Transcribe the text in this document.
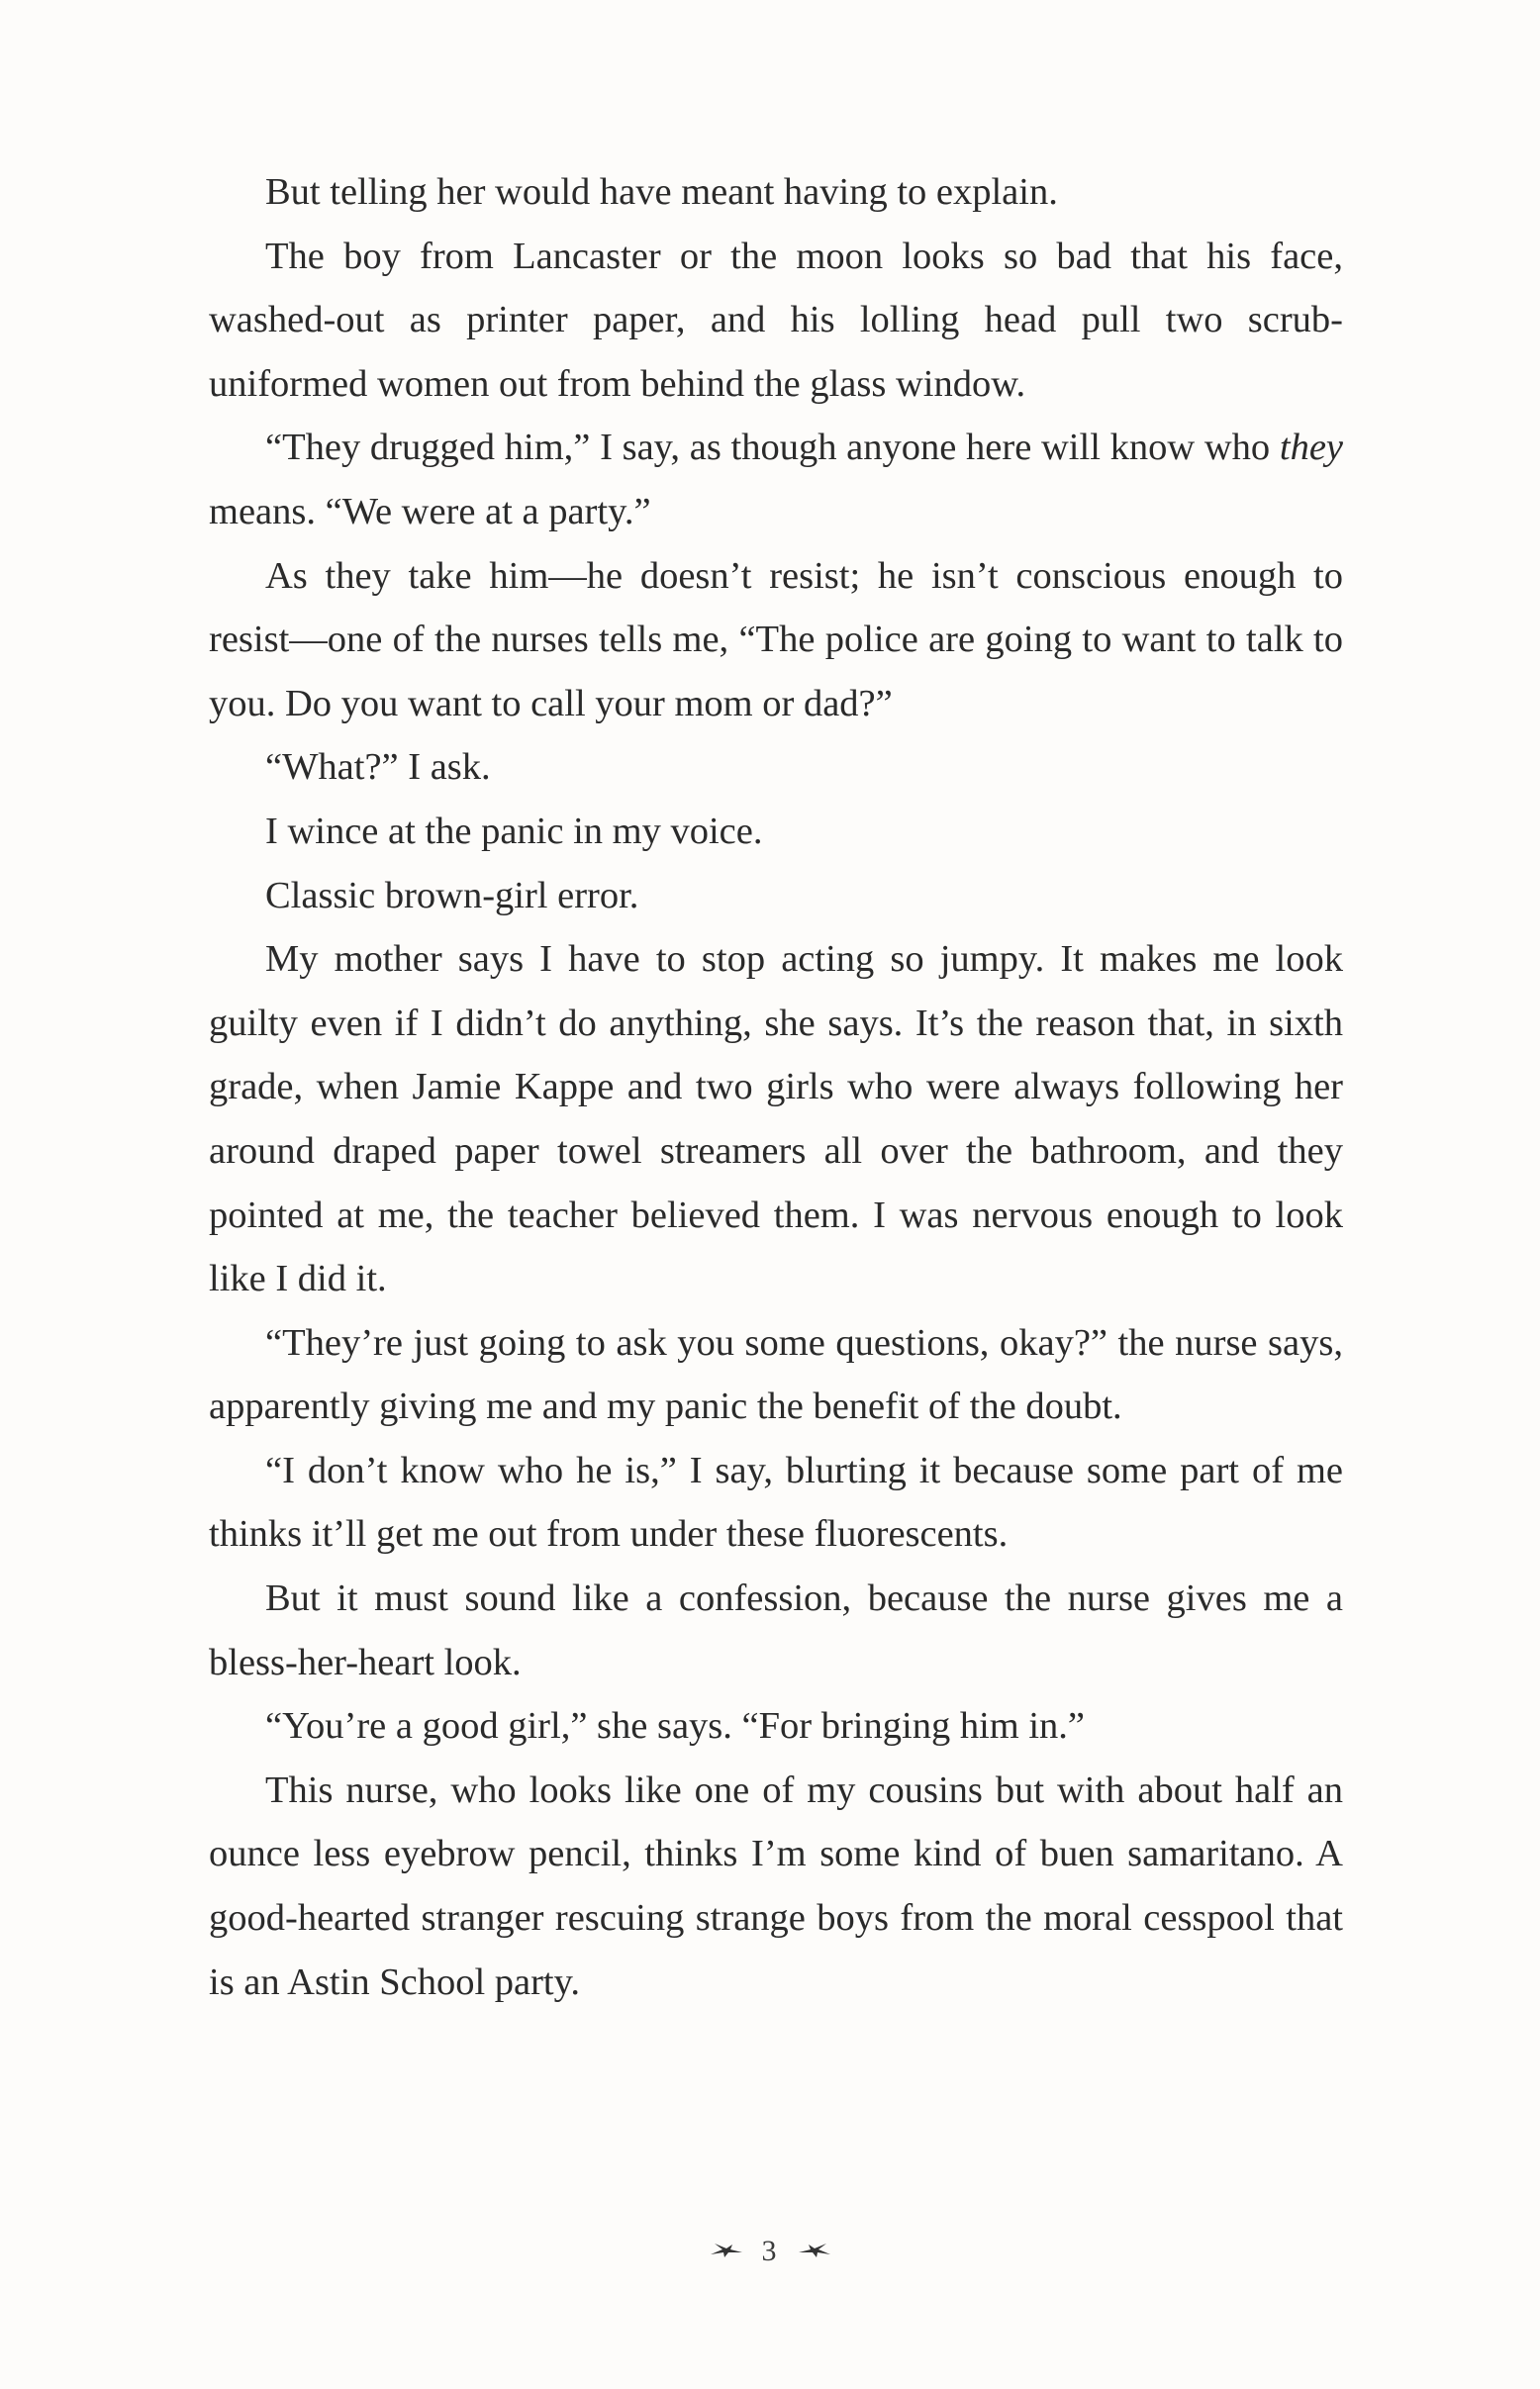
But telling her would have meant having to explain.

The boy from Lancaster or the moon looks so bad that his face, washed-out as printer paper, and his lolling head pull two scrub-uniformed women out from behind the glass window.

“They drugged him,” I say, as though anyone here will know who they means. “We were at a party.”

As they take him—he doesn’t resist; he isn’t conscious enough to resist—one of the nurses tells me, “The police are going to want to talk to you. Do you want to call your mom or dad?”

“What?” I ask.

I wince at the panic in my voice.

Classic brown-girl error.

My mother says I have to stop acting so jumpy. It makes me look guilty even if I didn’t do anything, she says. It’s the reason that, in sixth grade, when Jamie Kappe and two girls who were always following her around draped paper towel streamers all over the bathroom, and they pointed at me, the teacher believed them. I was nervous enough to look like I did it.

“They’re just going to ask you some questions, okay?” the nurse says, apparently giving me and my panic the benefit of the doubt.

“I don’t know who he is,” I say, blurting it because some part of me thinks it’ll get me out from under these fluorescents.

But it must sound like a confession, because the nurse gives me a bless-her-heart look.

“You’re a good girl,” she says. “For bringing him in.”

This nurse, who looks like one of my cousins but with about half an ounce less eyebrow pencil, thinks I’m some kind of buen samaritano. A good-hearted stranger rescuing strange boys from the moral cesspool that is an Astin School party.

3
